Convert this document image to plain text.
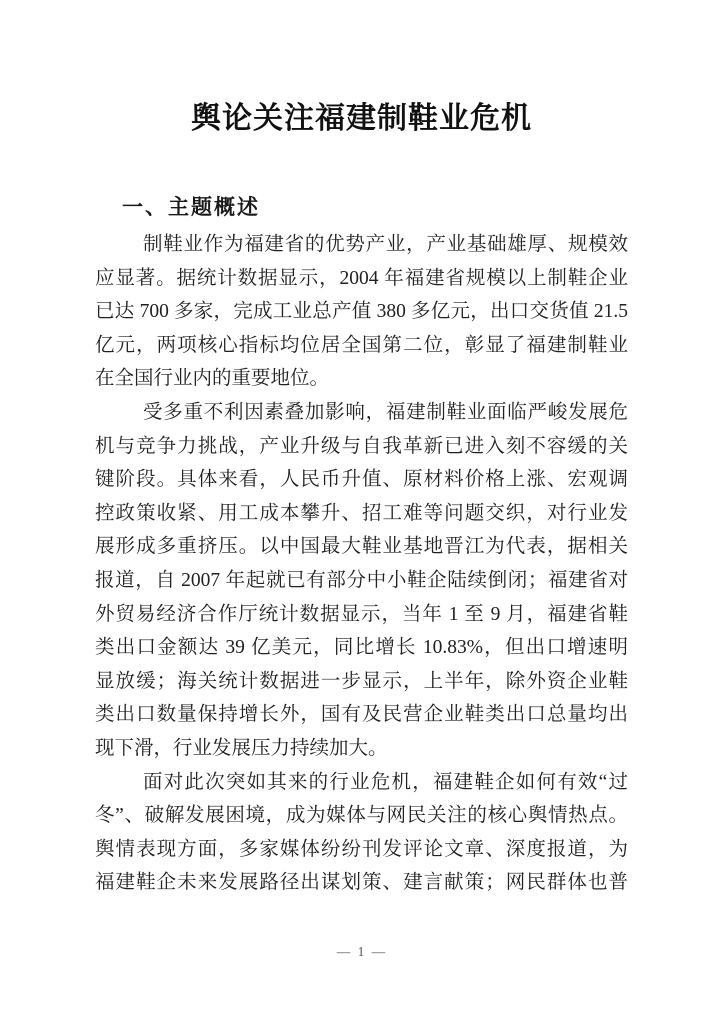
舆论关注福建制鞋业危机
一、主题概述
制鞋业作为福建省的优势产业，产业基础雄厚、规模效
应显著。据统计数据显示，2004 年福建省规模以上制鞋企业
已达 700 多家，完成工业总产值 380 多亿元，出口交货值 21.5
亿元，两项核心指标均位居全国第二位，彰显了福建制鞋业
在全国行业内的重要地位。
受多重不利因素叠加影响，福建制鞋业面临严峻发展危
机与竞争力挑战，产业升级与自我革新已进入刻不容缓的关
键阶段。具体来看，人民币升值、原材料价格上涨、宏观调
控政策收紧、用工成本攀升、招工难等问题交织，对行业发
展形成多重挤压。以中国最大鞋业基地晋江为代表，据相关
报道，自 2007 年起就已有部分中小鞋企陆续倒闭；福建省对
外贸易经济合作厅统计数据显示，当年 1 至 9 月，福建省鞋
类出口金额达 39 亿美元，同比增长 10.83%，但出口增速明
显放缓；海关统计数据进一步显示，上半年，除外资企业鞋
类出口数量保持增长外，国有及民营企业鞋类出口总量均出
现下滑，行业发展压力持续加大。
面对此次突如其来的行业危机，福建鞋企如何有效“过
冬”、破解发展困境，成为媒体与网民关注的核心舆情热点。
舆情表现方面，多家媒体纷纷刊发评论文章、深度报道，为
福建鞋企未来发展路径出谋划策、建言献策；网民群体也普
— 1 —
